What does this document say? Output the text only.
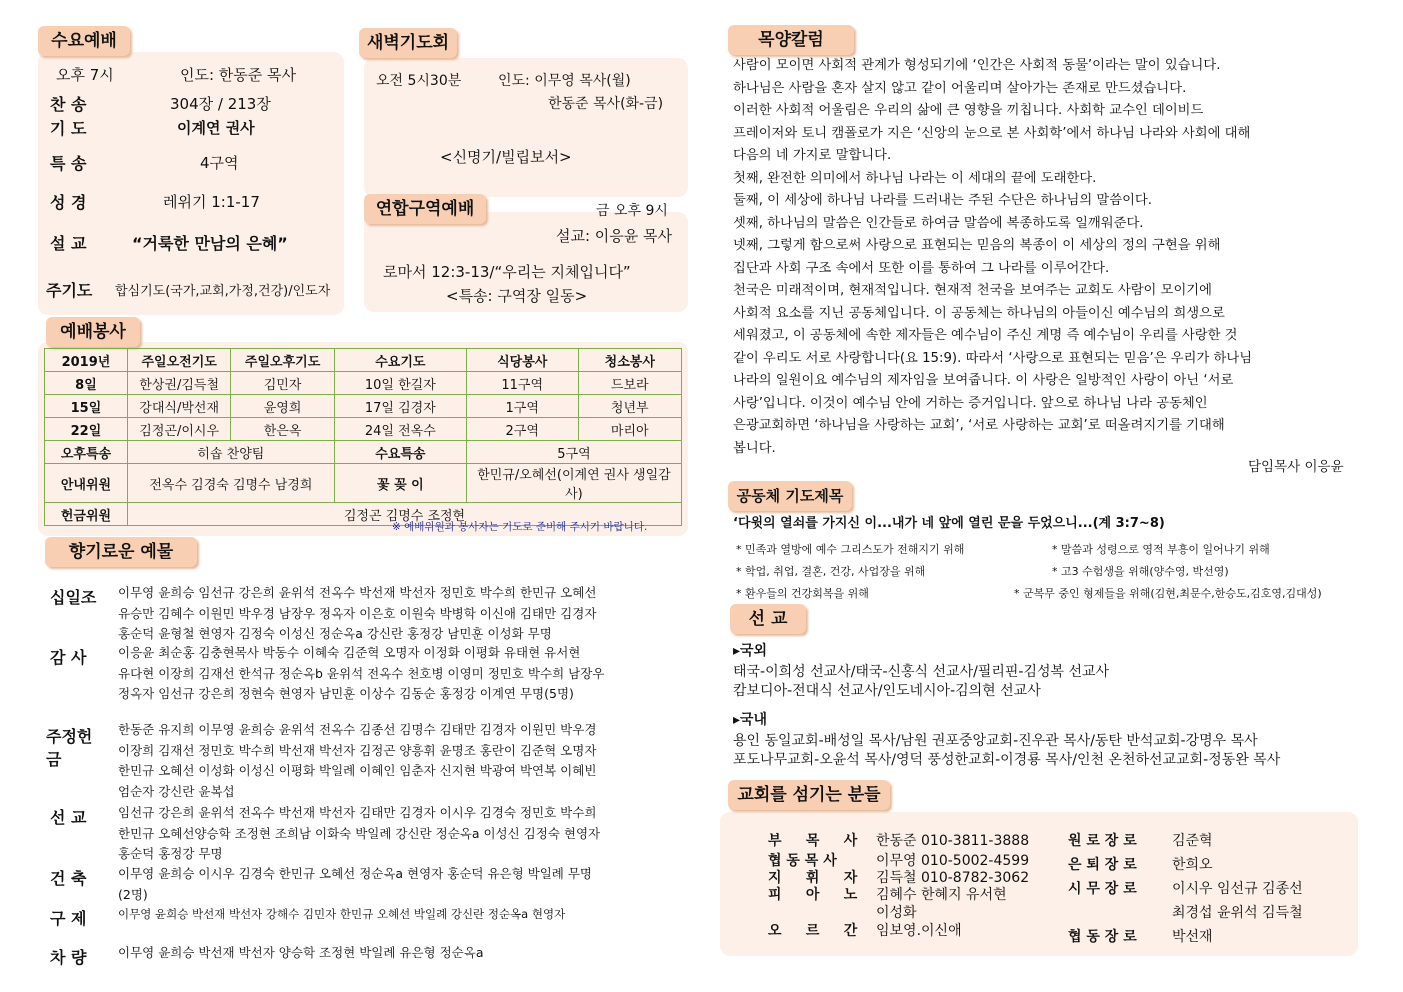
수요예배
오후 7시	인도: 한동준 목사
찬 송	304장 / 213장
기 도	이계연 권사
특 송	4구역
성 경	레위기 1:1-17
설 교	“거룩한 만남의 은혜”
주기도 합심기도(국가,교회,가정,건강)/인도자
새벽기도회
오전 5시30분	인도: 이무영 목사(월)
한동준 목사(화-금)
<신명기/빌립보서>
연합구역예배	금 오후 9시
설교: 이응윤 목사
로마서 12:3-13/“우리는 지체입니다”
<특송: 구역장 일동>
예배봉사
2019년	주일오전기도	주일오후기도	수요기도	식당봉사	청소봉사
8일	한상권/김득철	김민자	10일 한길자	11구역	드보라
15일	강대식/박선재	윤영희	17일 김경자	1구역	청년부
22일	김정곤/이시우	한은옥	24일 전옥수	2구역	마리아
오후특송	히솝 찬양팀		수요특송	5구역	
안내위원	전옥수 김경숙 김명수 남경희		꽃 꽂 이	한민규/오혜선(이계연 권사 생일감사)	
헌금위원	김정곤 김명수 조정현				
※ 예배위원과 봉사자는 기도로 준비해 주시기 바랍니다.
향기로운 예물
십일조	이무영 윤희승 임선규 강은희 윤위석 전옥수 박선재 박선자 정민호 박수희 한민규 오혜선
유승만 김혜수 이원민 박우경 남장우 정옥자 이은호 이원숙 박병학 이신애 김태만 김경자
홍순덕 윤형철 현영자 김정숙 이성신 정순옥a 강신란 홍정강 남민훈 이성화 무명
감 사	이응윤 최순홍 김충현목사 박동수 이혜숙 김준혁 오명자 이정화 이평화 유태현 유서현
유다현 이장희 김재선 한석규 정순옥b 윤위석 전옥수 천호병 이영미 정민호 박수희 남장우
정옥자 임선규 강은희 정현숙 현영자 남민훈 이상수 김동순 홍정강 이계연 무명(5명)
주정헌금
한동준 유지희 이무영 윤희승 윤위석 전옥수 김종선 김명수 김태만 김경자 이원민 박우경
이장희 김재선 정민호 박수희 박선재 박선자 김정곤 양흥휘 윤명조 홍란이 김준혁 오명자
한민규 오혜선 이성화 이성신 이평화 박일례 이혜인 임춘자 신지현 박광여 박연복 이혜빈
엄순자 강신란 윤복섭
선 교	임선규 강은희 윤위석 전옥수 박선재 박선자 김태만 김경자 이시우 김경숙 정민호 박수희
한민규 오혜선양승학 조정현 조희남 이화숙 박일례 강신란 정순옥a 이성신 김정숙 현영자
홍순덕 홍정강 무명
건 축	이무영 윤희승 이시우 김경숙 한민규 오혜선 정순옥a 현영자 홍순덕 유은형 박일례 무명
(2명)
구 제	이무영 윤희승 박선재 박선자 강해수 김민자 한민규 오혜선 박일례 강신란 정순옥a 현영자
차 량	이무영 윤희승 박선재 박선자 양승학 조정현 박일례 유은형 정순옥a
목양칼럼

사람이 모이면 사회적 관계가 형성되기에 ‘인간은 사회적 동물’이라는 말이 있습니다.

하나님은 사람을 혼자 살지 않고 같이 어울리며 살아가는 존재로 만드셨습니다.

이러한 사회적 어울림은 우리의 삶에 큰 영향을 끼칩니다. 사회학 교수인 데이비드

프레이저와 토니 캠폴로가 지은 ‘신앙의 눈으로 본 사회학’에서 하나님 나라와 사회에 대해

다음의 네 가지로 말합니다.

첫째, 완전한 의미에서 하나님 나라는 이 세대의 끝에 도래한다.

둘째, 이 세상에 하나님 나라를 드러내는 주된 수단은 하나님의 말씀이다.

셋째, 하나님의 말씀은 인간들로 하여금 말씀에 복종하도록 일깨워준다.

넷째, 그렇게 함으로써 사랑으로 표현되는 믿음의 복종이 이 세상의 정의 구현을 위해

집단과 사회 구조 속에서 또한 이를 통하여 그 나라를 이루어간다.

천국은 미래적이며, 현재적입니다. 현재적 천국을 보여주는 교회도 사람이 모이기에

사회적 요소를 지닌 공동체입니다. 이 공동체는 하나님의 아들이신 예수님의 희생으로

세워졌고, 이 공동체에 속한 제자들은 예수님이 주신 계명 즉 예수님이 우리를 사랑한 것

같이 우리도 서로 사랑합니다(요 15:9). 따라서 ‘사랑으로 표현되는 믿음’은 우리가 하나님

나라의 일원이요 예수님의 제자임을 보여줍니다. 이 사랑은 일방적인 사랑이 아닌 ‘서로

사랑’입니다. 이것이 예수님 안에 거하는 증거입니다. 앞으로 하나님 나라 공동체인

은광교회하면 ‘하나님을 사랑하는 교회’, ‘서로 사랑하는 교회’로 떠올려지기를 기대해

봅니다.

담임목사 이응윤
공동체 기도제목
‘다윗의 열쇠를 가지신 이...내가 네 앞에 열린 문을 두었으니...(계 3:7~8)
* 민족과 열방에 예수 그리스도가 전해지기 위해	* 말씀과 성령으로 영적 부흥이 일어나기 위해
* 학업, 취업, 결혼, 건강, 사업장을 위해	* 고3 수험생을 위해(양수영, 박선영)
* 환우들의 건강회복을 위해	* 군복무 중인 형제들을 위해(김현,최문수,한승도,김호영,김대성)
선 교
▸국외
태국-이희성 선교사/태국-신홍식 선교사/필리핀-김성복 선교사
캄보디아-전대식 선교사/인도네시아-김의현 선교사
▸국내
용인 동일교회-배성일 목사/남원 권포중앙교회-진우관 목사/동탄 반석교회-강명우 목사
포도나무교회-오윤석 목사/영덕 풍성한교회-이경룡 목사/인천 온천하선교교회-정동완 목사
교회를 섬기는 분들
부     목     사 한동준 010-3811-3888
협 동 목 사	이무영 010-5002-4599
지     휘     자 김득철 010-8782-3062
피     아     노 김혜수 한혜지 유서현
이성화
오     르     간 임보영.이신애
원 로 장 로	김준혁
은 퇴 장 로	한희오
시 무 장 로	이시우 임선규 김종선
최경섭 윤위석 김득철
협 동 장 로	박선재
